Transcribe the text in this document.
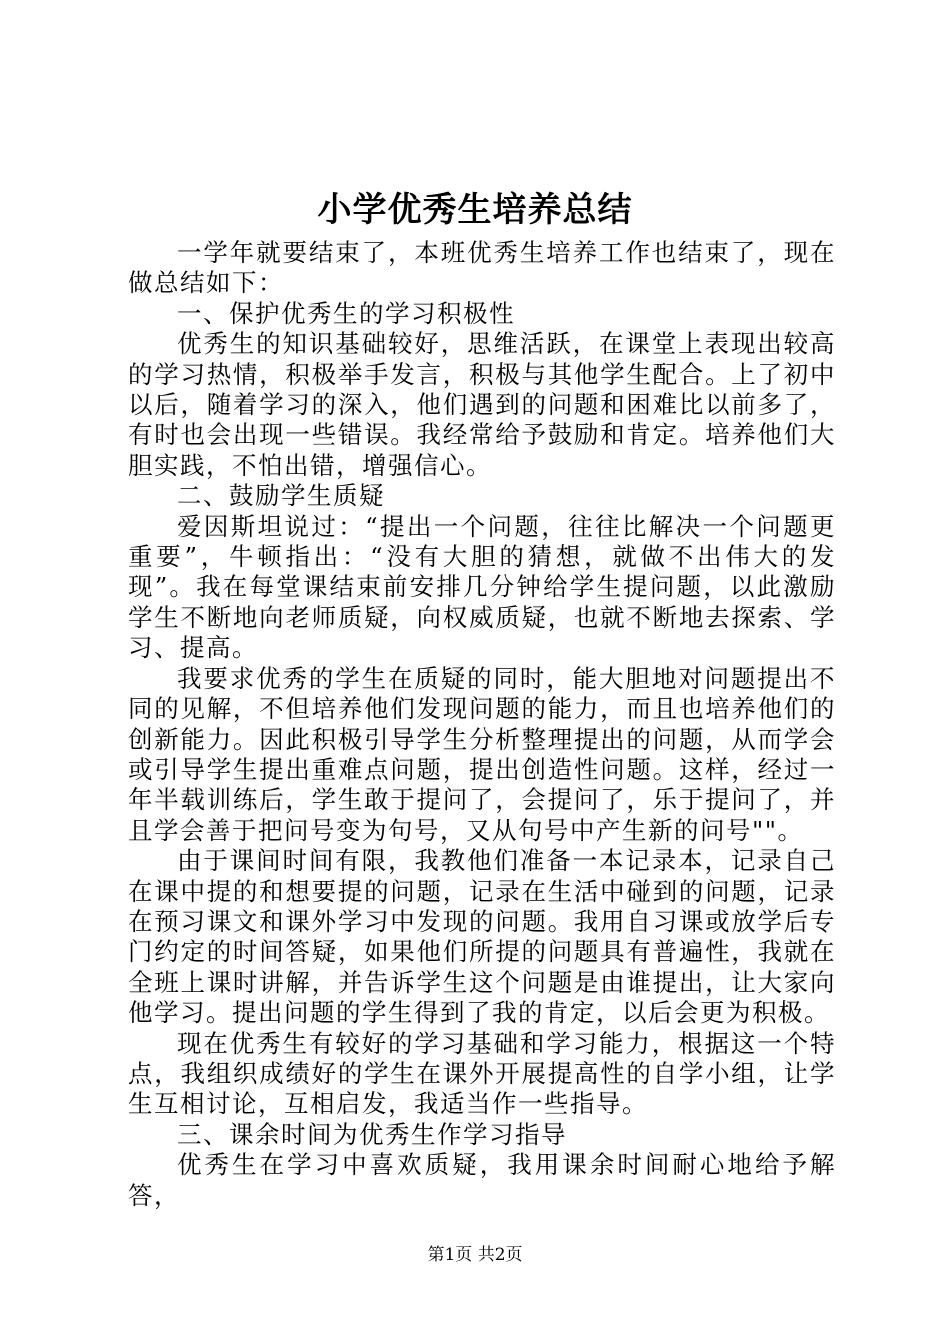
小学优秀生培养总结

一学年就要结束了，本班优秀生培养工作也结束了，现在做总结如下：

一、保护优秀生的学习积极性

优秀生的知识基础较好，思维活跃，在课堂上表现出较高的学习热情，积极举手发言，积极与其他学生配合。上了初中以后，随着学习的深入，他们遇到的问题和困难比以前多了，有时也会出现一些错误。我经常给予鼓励和肯定。培养他们大胆实践，不怕出错，增强信心。

二、鼓励学生质疑

爱因斯坦说过：“提出一个问题，往往比解决一个问题更重要”，牛顿指出：“没有大胆的猜想，就做不出伟大的发现”。我在每堂课结束前安排几分钟给学生提问题，以此激励学生不断地向老师质疑，向权威质疑，也就不断地去探索、学习、提高。

我要求优秀的学生在质疑的同时，能大胆地对问题提出不同的见解，不但培养他们发现问题的能力，而且也培养他们的创新能力。因此积极引导学生分析整理提出的问题，从而学会或引导学生提出重难点问题，提出创造性问题。这样，经过一年半载训练后，学生敢于提问了，会提问了，乐于提问了，并且学会善于把问号变为句号，又从句号中产生新的问号""。

由于课间时间有限，我教他们准备一本记录本，记录自己在课中提的和想要提的问题，记录在生活中碰到的问题，记录在预习课文和课外学习中发现的问题。我用自习课或放学后专门约定的时间答疑，如果他们所提的问题具有普遍性，我就在全班上课时讲解，并告诉学生这个问题是由谁提出，让大家向他学习。提出问题的学生得到了我的肯定，以后会更为积极。

现在优秀生有较好的学习基础和学习能力，根据这一个特点，我组织成绩好的学生在课外开展提高性的自学小组，让学生互相讨论，互相启发，我适当作一些指导。

三、课余时间为优秀生作学习指导

优秀生在学习中喜欢质疑，我用课余时间耐心地给予解答，

第1页 共2页
